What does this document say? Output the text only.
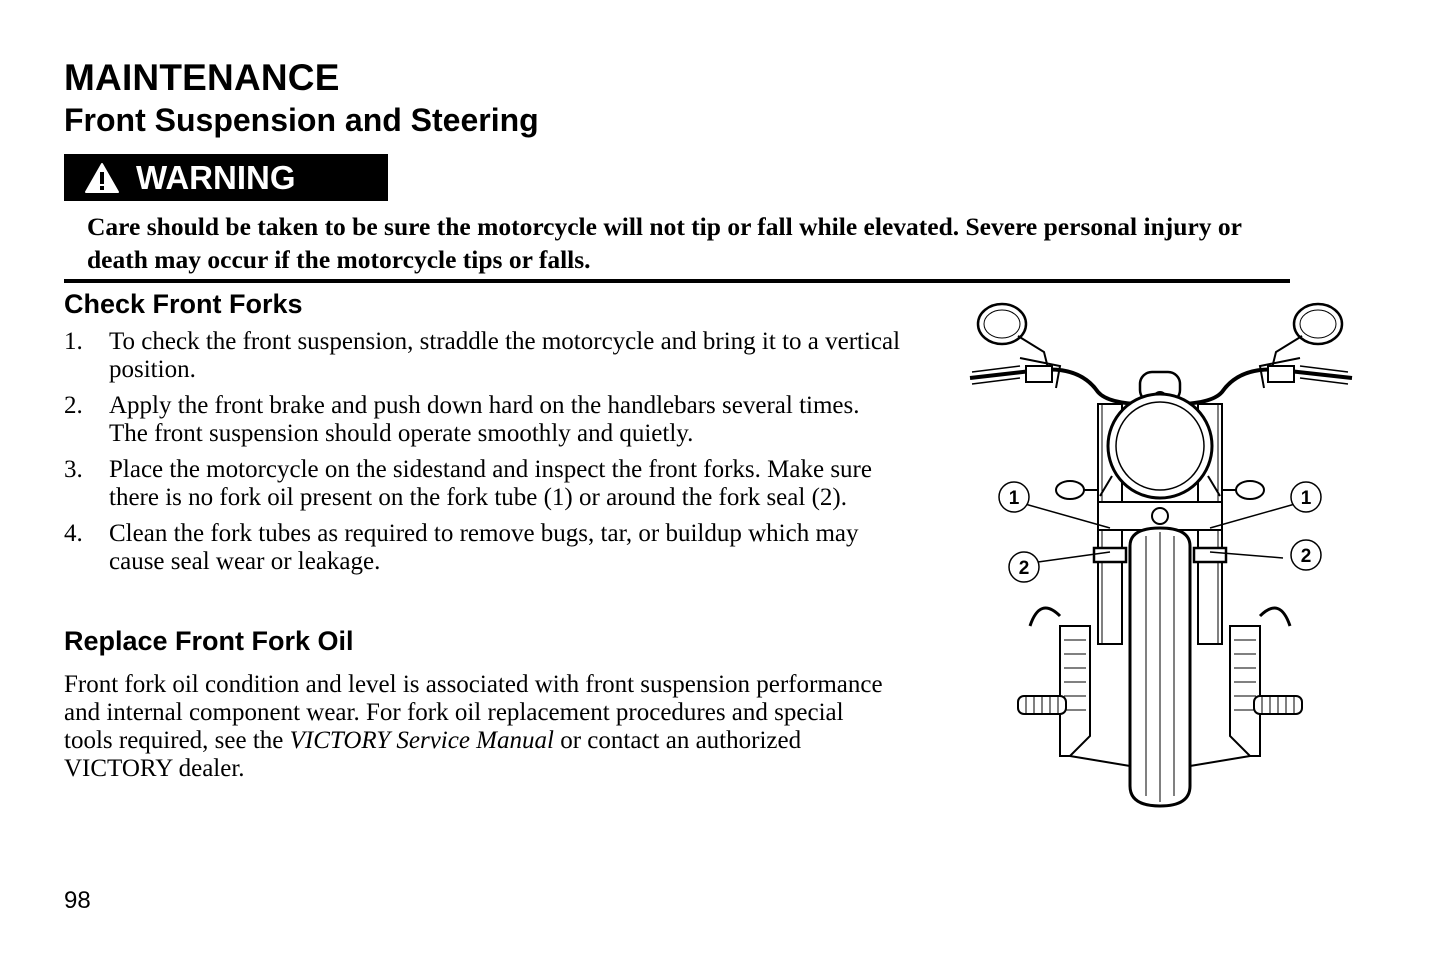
MAINTENANCE
Front Suspension and Steering
WARNING
Care should be taken to be sure the motorcycle will not tip or fall while elevated. Severe personal injury or death may occur if the motorcycle tips or falls.
Check Front Forks
1. To check the front suspension, straddle the motorcycle and bring it to a vertical position.
2. Apply the front brake and push down hard on the handlebars several times. The front suspension should operate smoothly and quietly.
3. Place the motorcycle on the sidestand and inspect the front forks. Make sure there is no fork oil present on the fork tube (1) or around the fork seal (2).
4. Clean the fork tubes as required to remove bugs, tar, or buildup which may cause seal wear or leakage.
Replace Front Fork Oil
Front fork oil condition and level is associated with front suspension performance and internal component wear. For fork oil replacement procedures and special tools required, see the VICTORY Service Manual or contact an authorized VICTORY dealer.
1	1
2
2
98
